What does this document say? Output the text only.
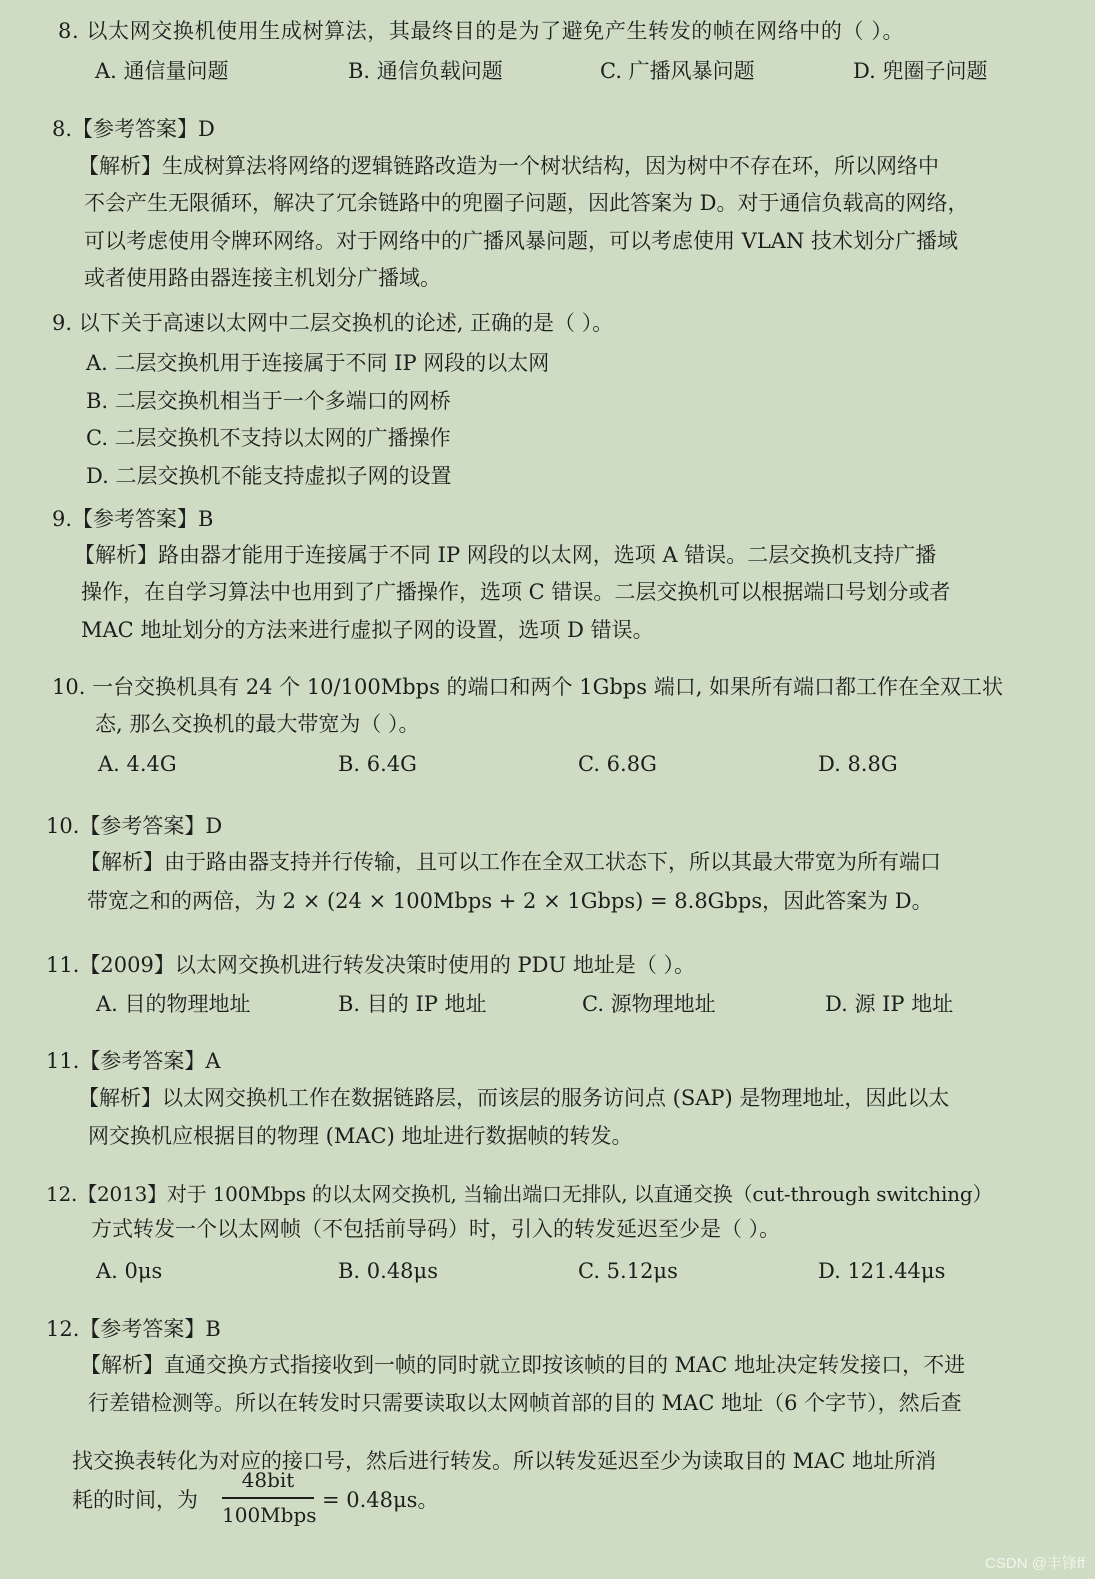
8. 以太网交换机使用生成树算法，其最终目的是为了避免产生转发的帧在网络中的（ ）。
A. 通信量问题	B. 通信负载问题	C. 广播风暴问题	D. 兜圈子问题
8.【参考答案】D
【解析】生成树算法将网络的逻辑链路改造为一个树状结构，因为树中不存在环，所以网络中
不会产生无限循环，解决了冗余链路中的兜圈子问题，因此答案为 D。对于通信负载高的网络，
可以考虑使用令牌环网络。对于网络中的广播风暴问题，可以考虑使用 VLAN 技术划分广播域
或者使用路由器连接主机划分广播域。
9. 以下关于高速以太网中二层交换机的论述, 正确的是（ ）。
A. 二层交换机用于连接属于不同 IP 网段的以太网
B. 二层交换机相当于一个多端口的网桥
C. 二层交换机不支持以太网的广播操作
D. 二层交换机不能支持虚拟子网的设置
9.【参考答案】B
【解析】路由器才能用于连接属于不同 IP 网段的以太网，选项 A 错误。二层交换机支持广播
操作，在自学习算法中也用到了广播操作，选项 C 错误。二层交换机可以根据端口号划分或者
MAC 地址划分的方法来进行虚拟子网的设置，选项 D 错误。
10. 一台交换机具有 24 个 10/100Mbps 的端口和两个 1Gbps 端口, 如果所有端口都工作在全双工状
态, 那么交换机的最大带宽为（ ）。
A. 4.4G	B. 6.4G	C. 6.8G	D. 8.8G
10.【参考答案】D
【解析】由于路由器支持并行传输，且可以工作在全双工状态下，所以其最大带宽为所有端口
带宽之和的两倍，为 2 × (24 × 100Mbps + 2 × 1Gbps) = 8.8Gbps，因此答案为 D。
11.【2009】以太网交换机进行转发决策时使用的 PDU 地址是（ ）。
A. 目的物理地址	B. 目的 IP 地址	C. 源物理地址	D. 源 IP 地址
11.【参考答案】A
【解析】以太网交换机工作在数据链路层，而该层的服务访问点 (SAP) 是物理地址，因此以太
网交换机应根据目的物理 (MAC) 地址进行数据帧的转发。
12.【2013】对于 100Mbps 的以太网交换机, 当输出端口无排队, 以直通交换（cut-through switching）
方式转发一个以太网帧（不包括前导码）时，引入的转发延迟至少是（ ）。
A. 0μs	B. 0.48μs	C. 5.12μs	D. 121.44μs
12.【参考答案】B
【解析】直通交换方式指接收到一帧的同时就立即按该帧的目的 MAC 地址决定转发接口，不进
行差错检测等。所以在转发时只需要读取以太网帧首部的目的 MAC 地址（6 个字节），然后查
找交换表转化为对应的接口号，然后进行转发。所以转发延迟至少为读取目的 MAC 地址所消
耗的时间，为
48bit
100Mbps
= 0.48μs。
CSDN @丰锋ff
